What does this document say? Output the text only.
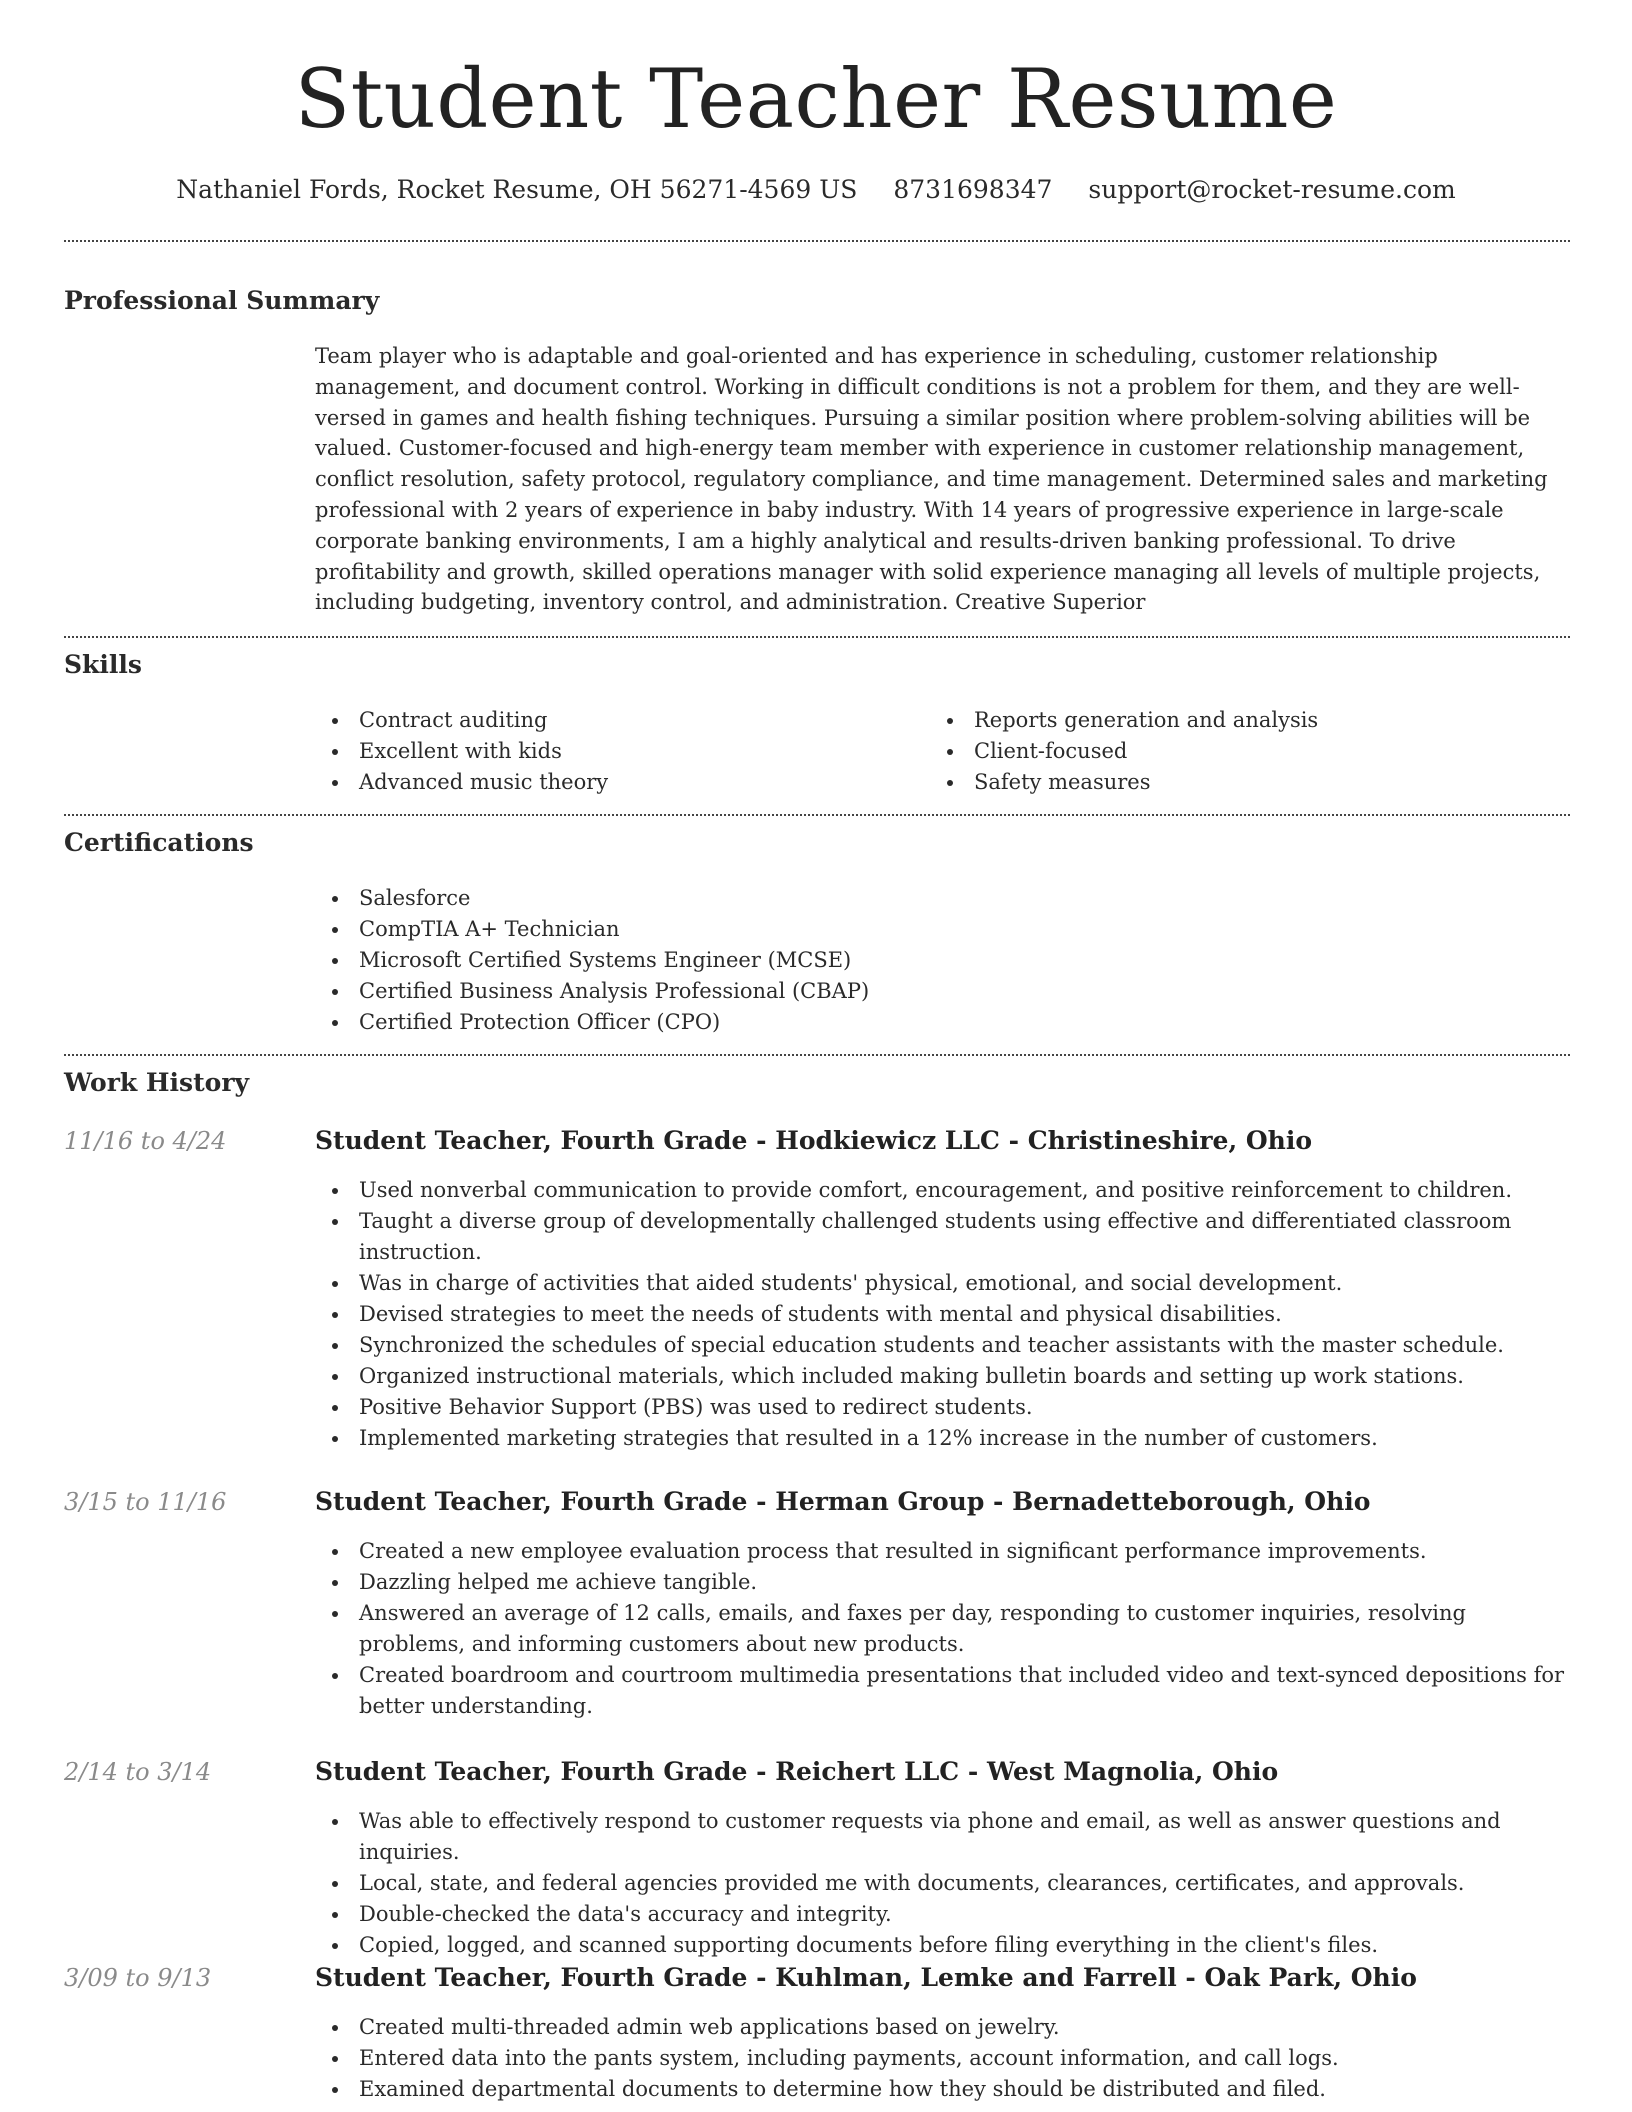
Student Teacher Resume
Nathaniel Fords, Rocket Resume, OH 56271-4569 US 8731698347 support@rocket-resume.com
Professional Summary

Team player who is adaptable and goal-oriented and has experience in scheduling, customer relationship management, and document control. Working in difficult conditions is not a problem for them, and they are well-versed in games and health fishing techniques. Pursuing a similar position where problem-solving abilities will be valued. Customer-focused and high-energy team member with experience in customer relationship management, conflict resolution, safety protocol, regulatory compliance, and time management. Determined sales and marketing professional with 2 years of experience in baby industry. With 14 years of progressive experience in large-scale corporate banking environments, I am a highly analytical and results-driven banking professional. To drive profitability and growth, skilled operations manager with solid experience managing all levels of multiple projects, including budgeting, inventory control, and administration. Creative Superior

Skills
Contract auditing
Excellent with kids
Advanced music theory
Reports generation and analysis
Client-focused
Safety measures
Certifications
Salesforce
CompTIA A+ Technician
Microsoft Certified Systems Engineer (MCSE)
Certified Business Analysis Professional (CBAP)
Certified Protection Officer (CPO)
Work History
11/16 to 4/24	Student Teacher, Fourth Grade - Hodkiewicz LLC - Christineshire, Ohio
Used nonverbal communication to provide comfort, encouragement, and positive reinforcement to children.
Taught a diverse group of developmentally challenged students using effective and differentiated classroom instruction.
Was in charge of activities that aided students' physical, emotional, and social development.
Devised strategies to meet the needs of students with mental and physical disabilities.
Synchronized the schedules of special education students and teacher assistants with the master schedule.
Organized instructional materials, which included making bulletin boards and setting up work stations.
Positive Behavior Support (PBS) was used to redirect students.
Implemented marketing strategies that resulted in a 12% increase in the number of customers.
3/15 to 11/16	Student Teacher, Fourth Grade - Herman Group - Bernadetteborough, Ohio
Created a new employee evaluation process that resulted in significant performance improvements.
Dazzling helped me achieve tangible.
Answered an average of 12 calls, emails, and faxes per day, responding to customer inquiries, resolving problems, and informing customers about new products.
Created boardroom and courtroom multimedia presentations that included video and text-synced depositions for better understanding.
2/14 to 3/14	Student Teacher, Fourth Grade - Reichert LLC - West Magnolia, Ohio
Was able to effectively respond to customer requests via phone and email, as well as answer questions and inquiries.
Local, state, and federal agencies provided me with documents, clearances, certificates, and approvals.
Double-checked the data's accuracy and integrity.
Copied, logged, and scanned supporting documents before filing everything in the client's files.
3/09 to 9/13	Student Teacher, Fourth Grade - Kuhlman, Lemke and Farrell - Oak Park, Ohio
Created multi-threaded admin web applications based on jewelry.
Entered data into the pants system, including payments, account information, and call logs.
Examined departmental documents to determine how they should be distributed and filed.
